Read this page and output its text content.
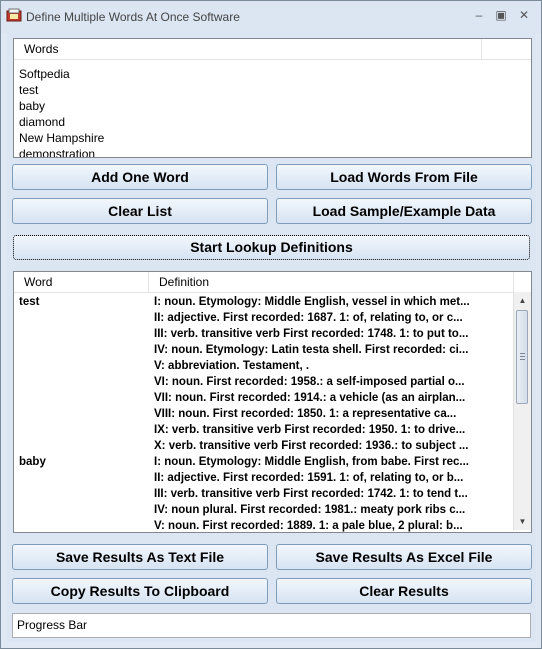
Define Multiple Words At Once Software	–	▣	✕
Words
Softpedia
test
baby
diamond
New Hampshire
demonstration
Add One Word	Load Words From File
Clear List	Load Sample/Example Data
Start Lookup Definitions
Word	Definition
test	I: noun. Etymology: Middle English, vessel in which met...
II: adjective. First recorded: 1687. 1: of, relating to, or c...
III: verb. transitive verb First recorded: 1748. 1: to put to...
IV: noun. Etymology: Latin testa shell. First recorded: ci...
V: abbreviation. Testament, .
VI: noun. First recorded: 1958.: a self-imposed partial o...
VII: noun. First recorded: 1914.: a vehicle (as an airplan...
VIII: noun. First recorded: 1850. 1: a representative ca...
IX: verb. transitive verb First recorded: 1950. 1: to drive...
X: verb. transitive verb First recorded: 1936.: to subject ...
baby	I: noun. Etymology: Middle English, from babe. First rec...
II: adjective. First recorded: 1591. 1: of, relating to, or b...
III: verb. transitive verb First recorded: 1742. 1: to tend t...
IV: noun plural. First recorded: 1981.: meaty pork ribs c...
V: noun. First recorded: 1889. 1: a pale blue, 2 plural: b...
▲
▼
Save Results As Text File	Save Results As Excel File
Copy Results To Clipboard	Clear Results
Progress Bar
